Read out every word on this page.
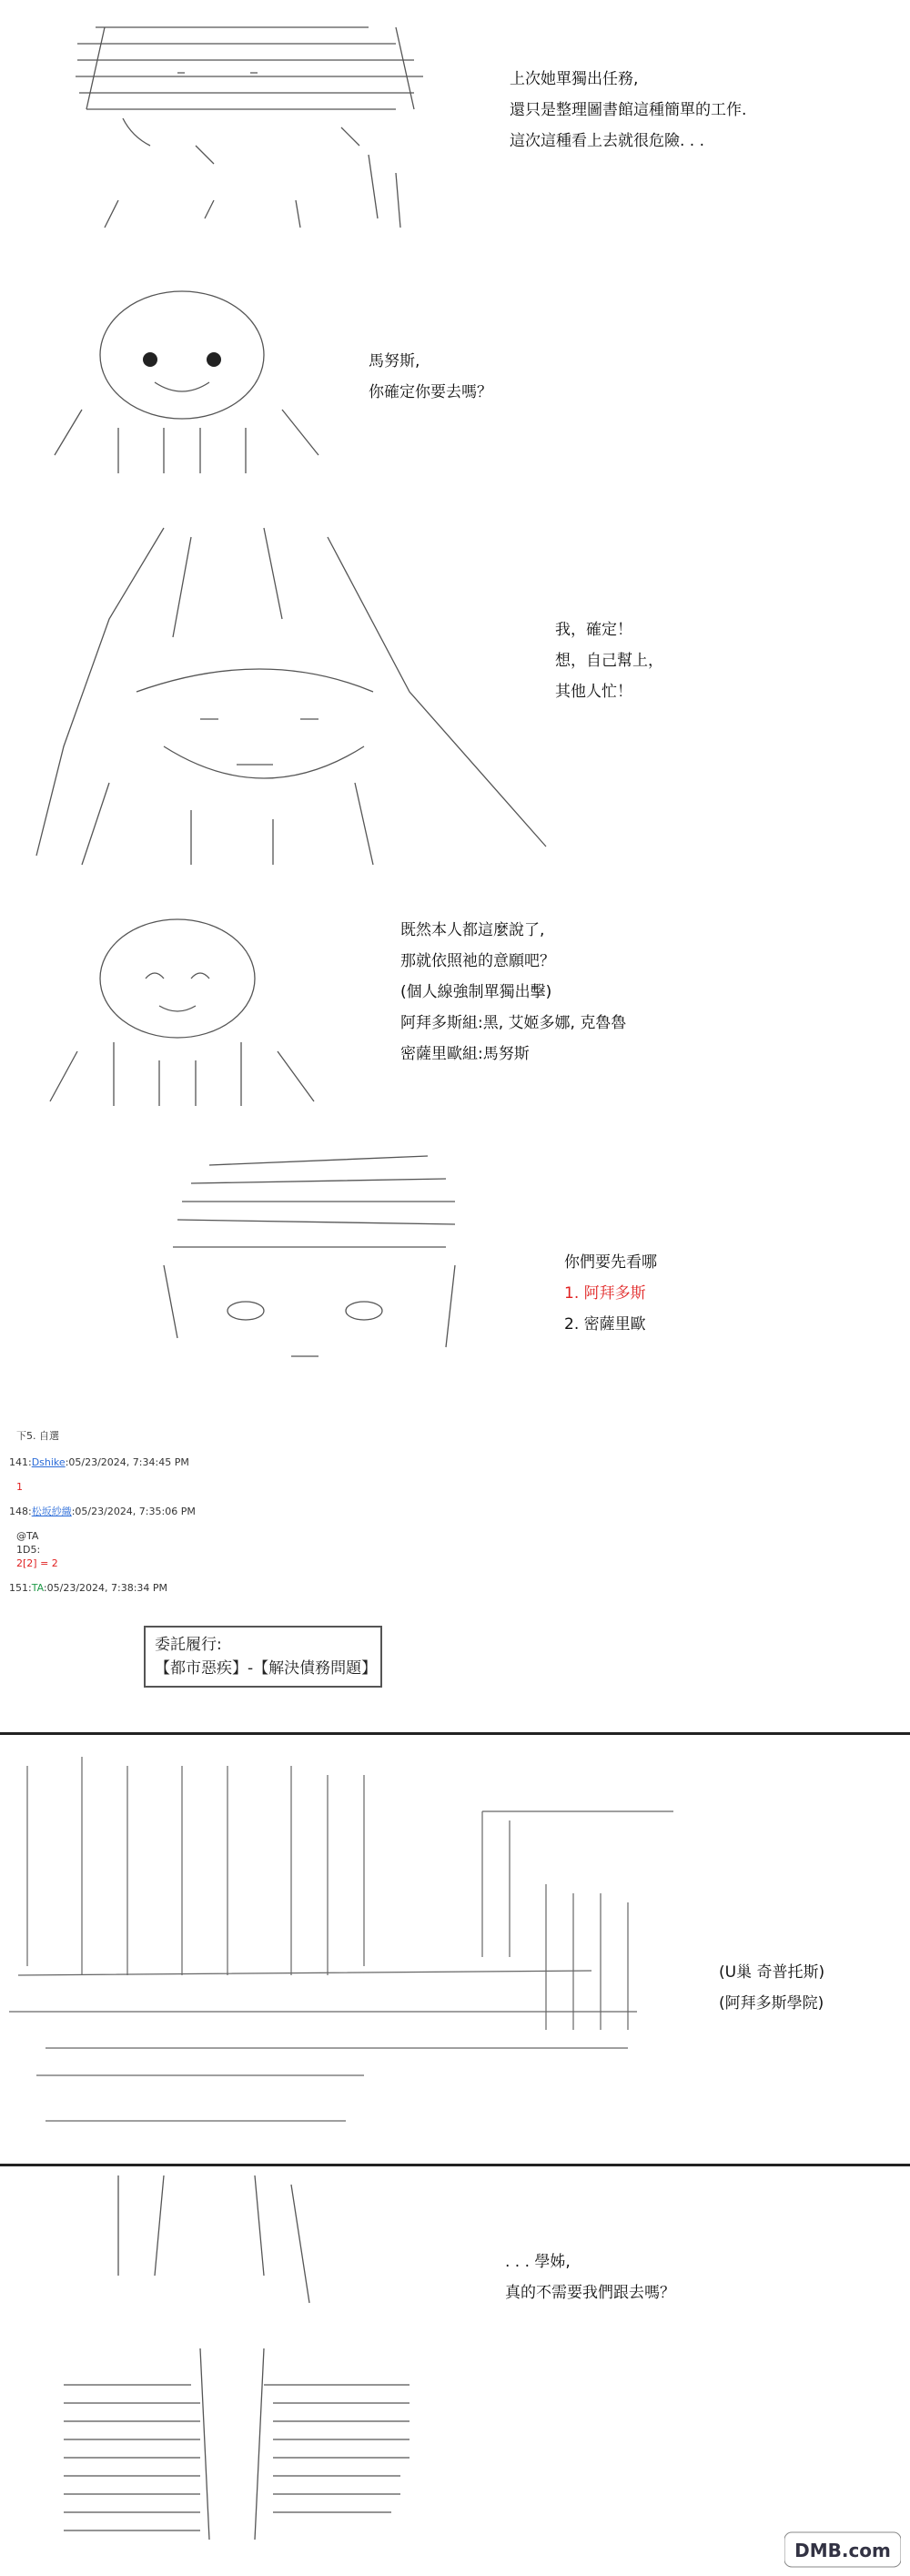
上次她單獨出任務,
還只是整理圖書館這種簡單的工作.
這次這種看上去就很危險. . .
馬努斯,
你確定你要去嗎？
我，確定！
想，自己幫上，
其他人忙！
既然本人都這麼說了,
那就依照祂的意願吧？
(個人線強制單獨出擊)
阿拜多斯組:黑, 艾姬多娜, 克魯魯
密薩里歐組:馬努斯
你們要先看哪
1. 阿拜多斯
2. 密薩里歐
下5. 自選
141:Dshike:05/23/2024, 7:34:45 PM
1
148:松坂紗織:05/23/2024, 7:35:06 PM
@TA
1D5:
2[2] = 2
151:TA:05/23/2024, 7:38:34 PM
委託履行:
【都市惡疾】-【解決債務問題】
(U巢 奇普托斯)
(阿拜多斯學院)
. . . 學姊,
真的不需要我們跟去嗎？
DMB.com
